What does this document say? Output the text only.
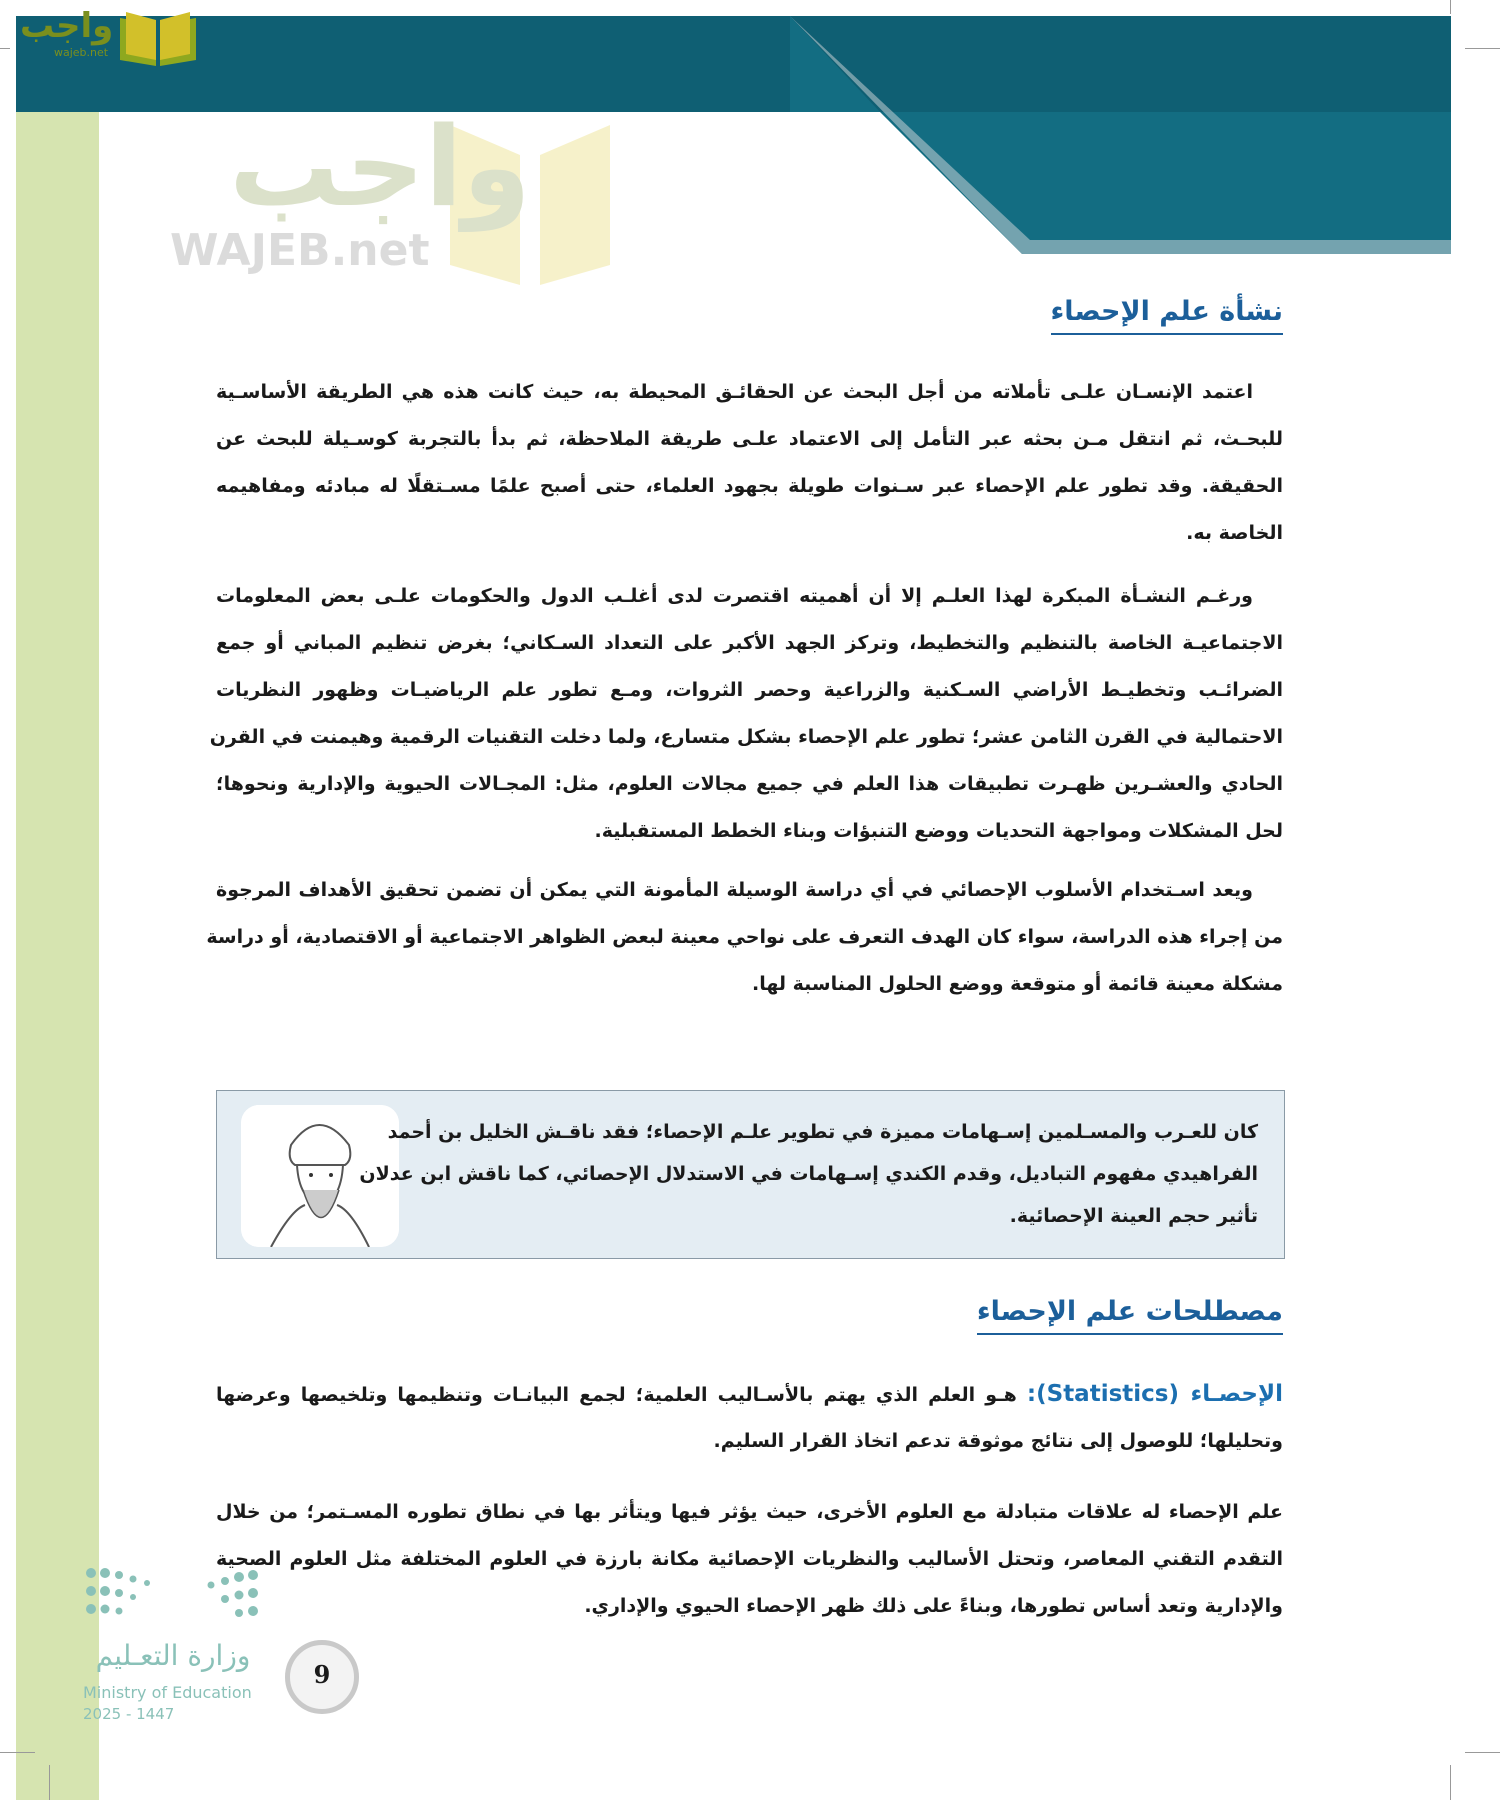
واجب
wajeb.net
واجب
WAJEB.net
نشأة علم الإحصاء
اعتمد الإنسـان علـى تأملاته من أجل البحث عن الحقائـق المحيطة به، حيث كانت هذه هي الطريقة الأساسـية
للبحـث، ثم انتقل مـن بحثه عبر التأمل إلى الاعتماد علـى طريقة الملاحظة، ثم بدأ بالتجربة كوسـيلة للبحث عن
الحقيقة. وقد تطور علم الإحصاء عبر سـنوات طويلة بجهود العلماء، حتى أصبح علمًا مسـتقلًا له مبادئه ومفاهيمه
الخاصة به.
ورغـم النشـأة المبكرة لهذا العلـم إلا أن أهميته اقتصرت لدى أغلـب الدول والحكومات علـى بعض المعلومات
الاجتماعيـة الخاصة بالتنظيم والتخطيط، وتركز الجهد الأكبر على التعداد السـكاني؛ بغرض تنظيم المباني أو جمع
الضرائـب وتخطيـط الأراضي السـكنية والزراعية وحصر الثروات، ومـع تطور علم الرياضيـات وظهور النظريات
الاحتمالية في القرن الثامن عشر؛ تطور علم الإحصاء بشكل متسارع، ولما دخلت التقنيات الرقمية وهيمنت في القرن
الحادي والعشـرين ظهـرت تطبيقات هذا العلم في جميع مجالات العلوم، مثل: المجـالات الحيوية والإدارية ونحوها؛
لحل المشكلات ومواجهة التحديات ووضع التنبؤات وبناء الخطط المستقبلية.
ويعد اسـتخدام الأسلوب الإحصائي في أي دراسة الوسيلة المأمونة التي يمكن أن تضمن تحقيق الأهداف المرجوة
من إجراء هذه الدراسة، سواء كان الهدف التعرف على نواحي معينة لبعض الظواهر الاجتماعية أو الاقتصادية، أو دراسة
مشكلة معينة قائمة أو متوقعة ووضع الحلول المناسبة لها.
كان للعـرب والمسـلمين إسـهامات مميزة في تطوير علـم الإحصاء؛ فقد ناقـش الخليل بن أحمد
الفراهيدي مفهوم التباديل، وقدم الكندي إسـهامات في الاستدلال الإحصائي، كما ناقش ابن عدلان
تأثير حجم العينة الإحصائية.
مصطلحات علم الإحصاء
الإحصـاء (Statistics): هـو العلم الذي يهتم بالأسـاليب العلمية؛ لجمع البيانـات وتنظيمها وتلخيصها وعرضها
وتحليلها؛ للوصول إلى نتائج موثوقة تدعم اتخاذ القرار السليم.
علم الإحصاء له علاقات متبادلة مع العلوم الأخرى، حيث يؤثر فيها ويتأثر بها في نطاق تطوره المسـتمر؛ من خلال
التقدم التقني المعاصر، وتحتل الأساليب والنظريات الإحصائية مكانة بارزة في العلوم المختلفة مثل العلوم الصحية
والإدارية وتعد أساس تطورها، وبناءً على ذلك ظهر الإحصاء الحيوي والإداري.
وزارة التعـليم
Ministry of Education
2025 - 1447
9
